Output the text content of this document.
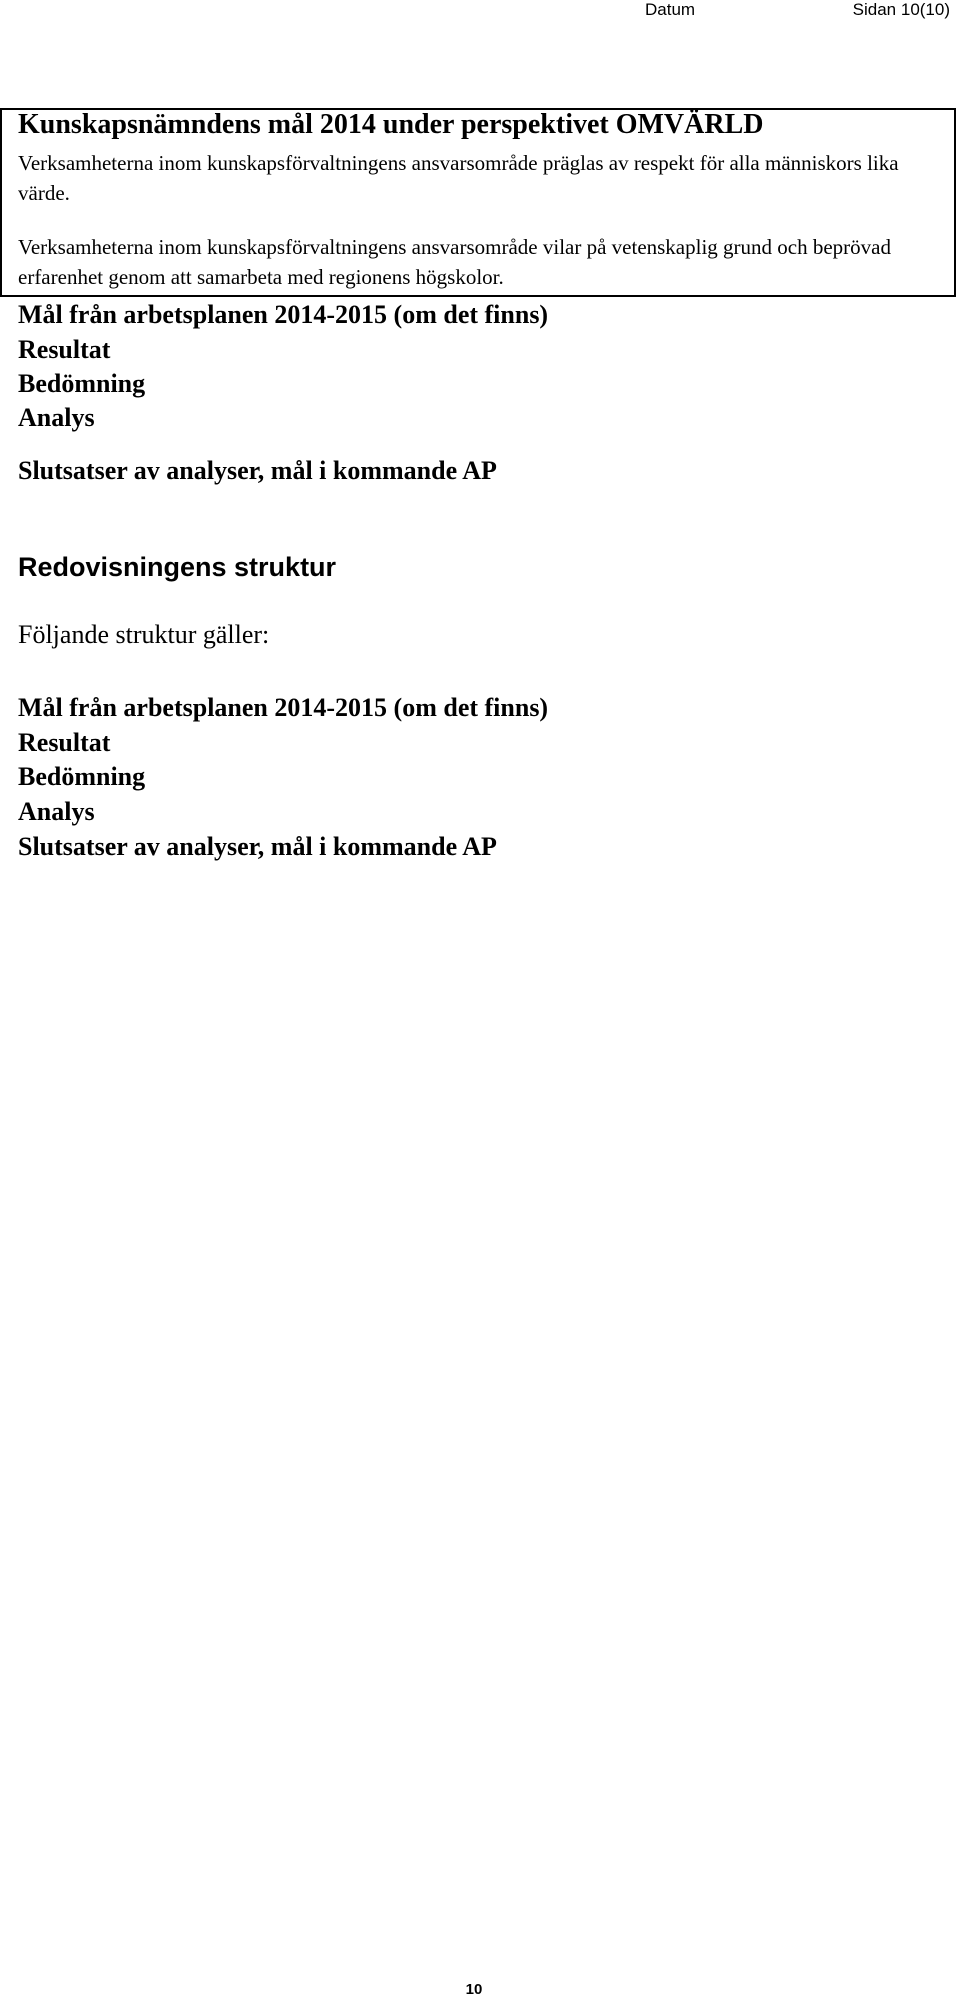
Datum	Sidan 10(10)
Kunskapsnämndens mål 2014 under perspektivet OMVÄRLD

Verksamheterna inom kunskapsförvaltningens ansvarsområde präglas av respekt för alla människors lika värde.

Verksamheterna inom kunskapsförvaltningens ansvarsområde vilar på vetenskaplig grund och beprövad erfarenhet genom att samarbeta med regionens högskolor.

Mål från arbetsplanen 2014-2015 (om det finns)
Resultat
Bedömning
Analys
Slutsatser av analyser, mål i kommande AP
Redovisningens struktur
Följande struktur gäller:
Mål från arbetsplanen 2014-2015 (om det finns)
Resultat
Bedömning
Analys
Slutsatser av analyser, mål i kommande AP
10
